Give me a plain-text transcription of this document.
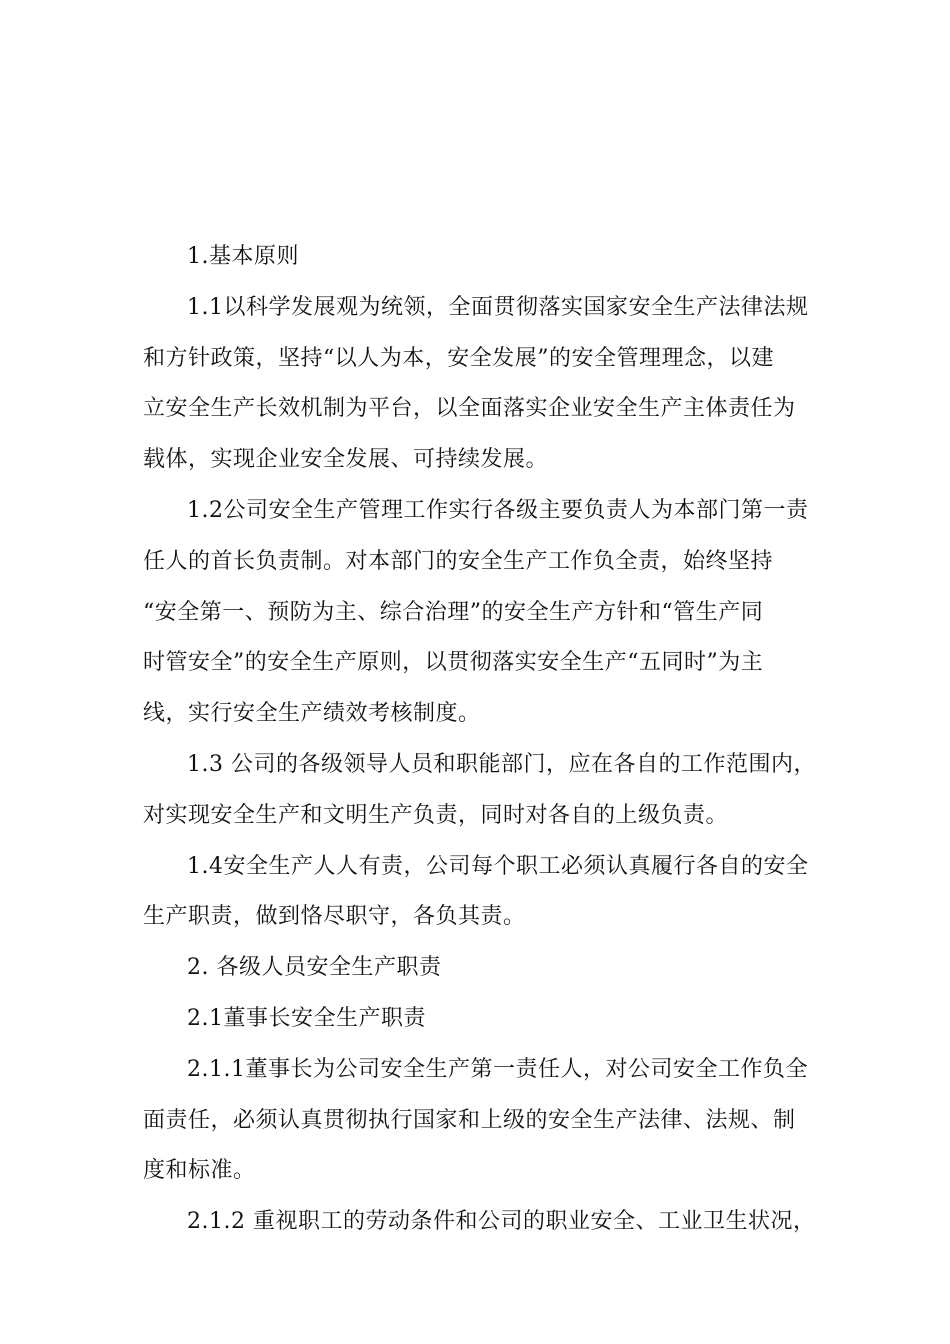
1.基本原则

1.1以科学发展观为统领，全面贯彻落实国家安全生产法律法规
和方针政策，坚持“以人为本，安全发展”的安全管理理念，以建
立安全生产长效机制为平台，以全面落实企业安全生产主体责任为
载体，实现企业安全发展、可持续发展。

1.2公司安全生产管理工作实行各级主要负责人为本部门第一责
任人的首长负责制。对本部门的安全生产工作负全责，始终坚持
“安全第一、预防为主、综合治理”的安全生产方针和“管生产同
时管安全”的安全生产原则，以贯彻落实安全生产“五同时”为主
线，实行安全生产绩效考核制度。

1.3 公司的各级领导人员和职能部门，应在各自的工作范围内，
对实现安全生产和文明生产负责，同时对各自的上级负责。

1.4安全生产人人有责，公司每个职工必须认真履行各自的安全
生产职责，做到恪尽职守，各负其责。

2. 各级人员安全生产职责

2.1董事长安全生产职责

2.1.1董事长为公司安全生产第一责任人，对公司安全工作负全
面责任，必须认真贯彻执行国家和上级的安全生产法律、法规、制
度和标准。

2.1.2 重视职工的劳动条件和公司的职业安全、工业卫生状况，
